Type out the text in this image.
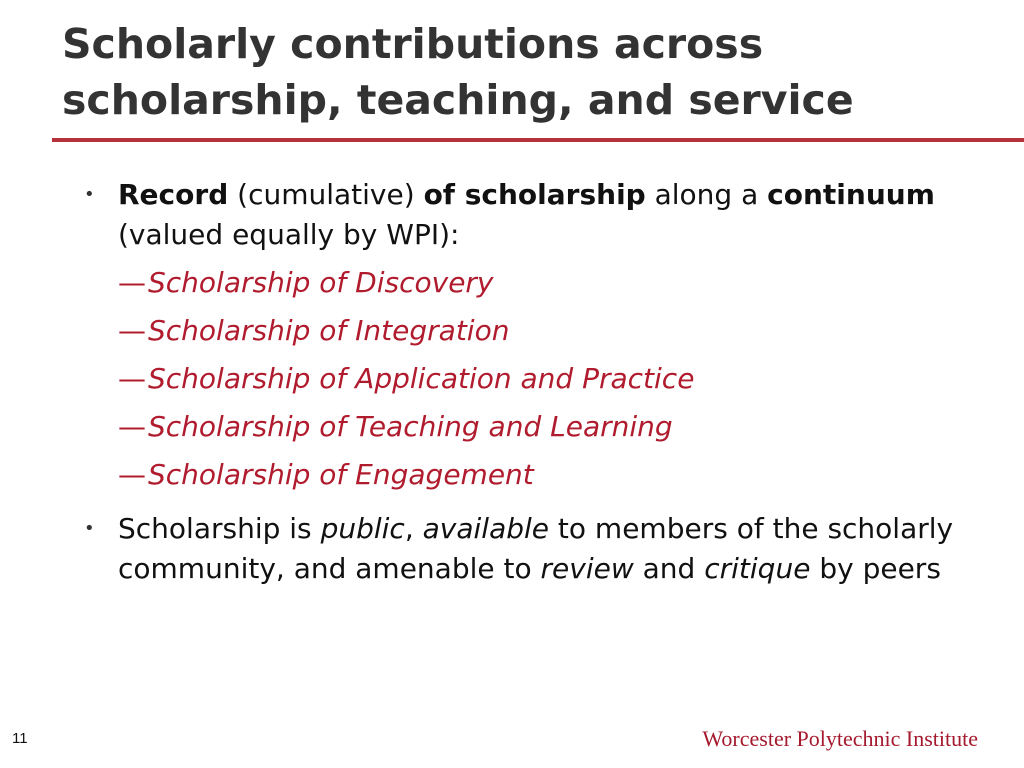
Scholarly contributions across scholarship, teaching, and service
• Record (cumulative) of scholarship along a continuum (valued equally by WPI):
—Scholarship of Discovery
—Scholarship of Integration
—Scholarship of Application and Practice
—Scholarship of Teaching and Learning
—Scholarship of Engagement
• Scholarship is public, available to members of the scholarly community, and amenable to review and critique by peers
11	Worcester Polytechnic Institute
